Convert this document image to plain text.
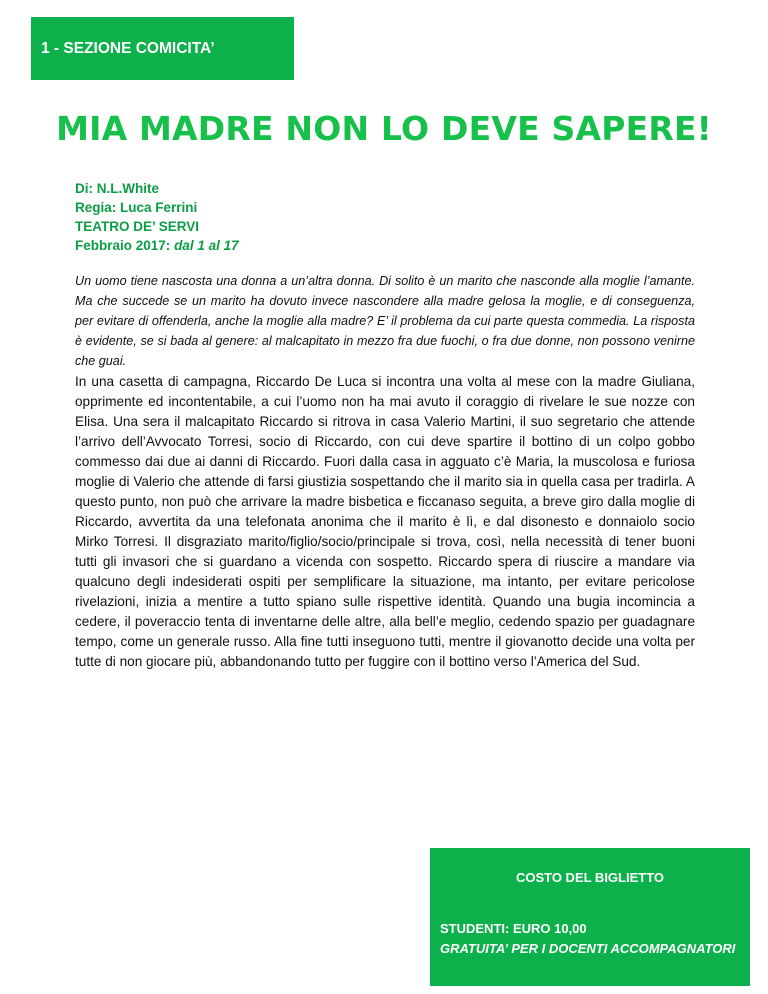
1 - SEZIONE COMICITA’
MIA MADRE NON LO DEVE SAPERE!
Di: N.L.White
Regia: Luca Ferrini
TEATRO DE’ SERVI
Febbraio 2017: dal 1 al 17

Un uomo tiene nascosta una donna a un’altra donna. Di solito è un marito che nasconde alla moglie l’amante. Ma che succede se un marito ha dovuto invece nascondere alla madre gelosa la moglie, e di conseguenza, per evitare di offenderla, anche la moglie alla madre? E’ il problema da cui parte questa commedia. La risposta è evidente, se si bada al genere: al malcapitato in mezzo fra due fuochi, o fra due donne, non possono venirne che guai.

In una casetta di campagna, Riccardo De Luca si incontra una volta al mese con la madre Giuliana, opprimente ed incontentabile, a cui l’uomo non ha mai avuto il coraggio di rivelare le sue nozze con Elisa. Una sera il malcapitato Riccardo si ritrova in casa Valerio Martini, il suo segretario che attende l’arrivo dell’Avvocato Torresi, socio di Riccardo, con cui deve spartire il bottino di un colpo gobbo commesso dai due ai danni di Riccardo. Fuori dalla casa in agguato c’è Maria, la muscolosa e furiosa moglie di Valerio che attende di farsi giustizia sospettando che il marito sia in quella casa per tradirla. A questo punto, non può che arrivare la madre bisbetica e ficcanaso seguita, a breve giro dalla moglie di Riccardo, avvertita da una telefonata anonima che il marito è lì, e dal disonesto e donnaiolo socio Mirko Torresi. Il disgraziato marito/figlio/socio/principale si trova, così, nella necessità di tener buoni tutti gli invasori che si guardano a vicenda con sospetto. Riccardo spera di riuscire a mandare via qualcuno degli indesiderati ospiti per semplificare la situazione, ma intanto, per evitare pericolose rivelazioni, inizia a mentire a tutto spiano sulle rispettive identità. Quando una bugia incomincia a cedere, il poveraccio tenta di inventarne delle altre, alla bell’e meglio, cedendo spazio per guadagnare tempo, come un generale russo. Alla fine tutti inseguono tutti, mentre il giovanotto decide una volta per tutte di non giocare più, abbandonando tutto per fuggire con il bottino verso l’America del Sud.

COSTO DEL BIGLIETTO
STUDENTI: EURO 10,00
GRATUITA’ PER I DOCENTI ACCOMPAGNATORI
